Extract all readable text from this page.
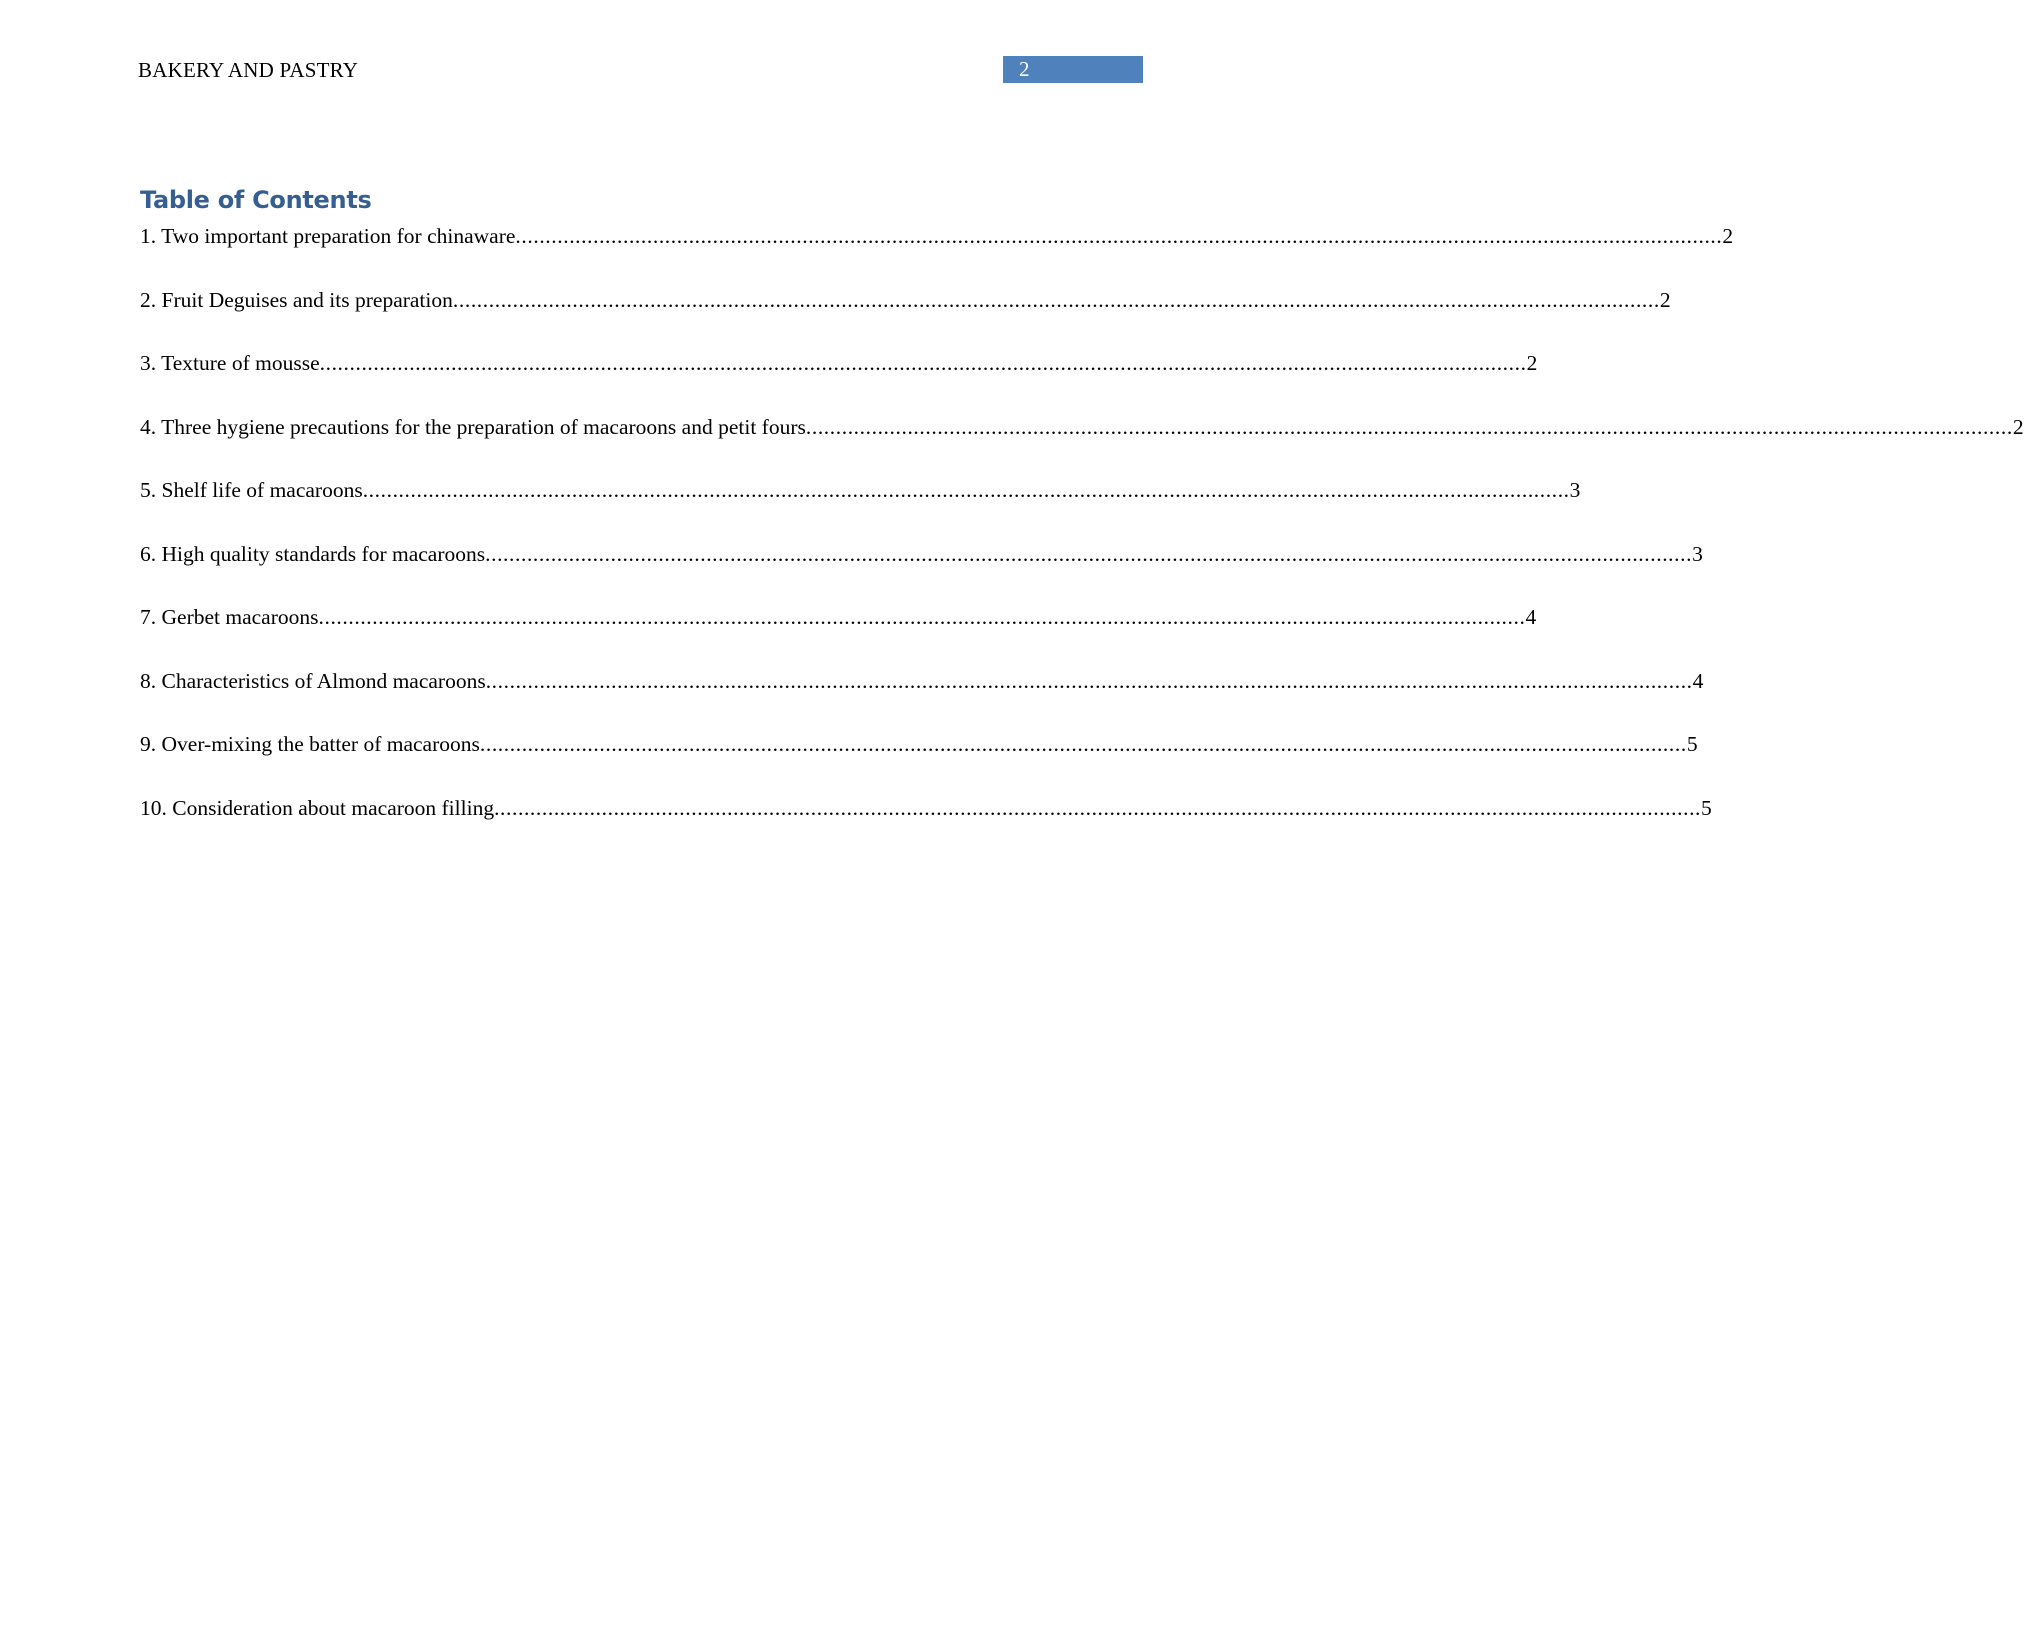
BAKERY AND PASTRY	2
Table of Contents
1. Two important preparation for chinaware .......................................................................................................................................................................................................... 2
2. Fruit Deguises and its preparation .......................................................................................................................................................................................................... 2
3. Texture of mousse .......................................................................................................................................................................................................... 2
4. Three hygiene precautions for the preparation of macaroons and petit fours .......................................................................................................................................................................................................... 2
5. Shelf life of macaroons .......................................................................................................................................................................................................... 3
6. High quality standards for macaroons .......................................................................................................................................................................................................... 3
7. Gerbet macaroons .......................................................................................................................................................................................................... 4
8. Characteristics of Almond macaroons .......................................................................................................................................................................................................... 4
9. Over-mixing the batter of macaroons .......................................................................................................................................................................................................... 5
10. Consideration about macaroon filling .......................................................................................................................................................................................................... 5
